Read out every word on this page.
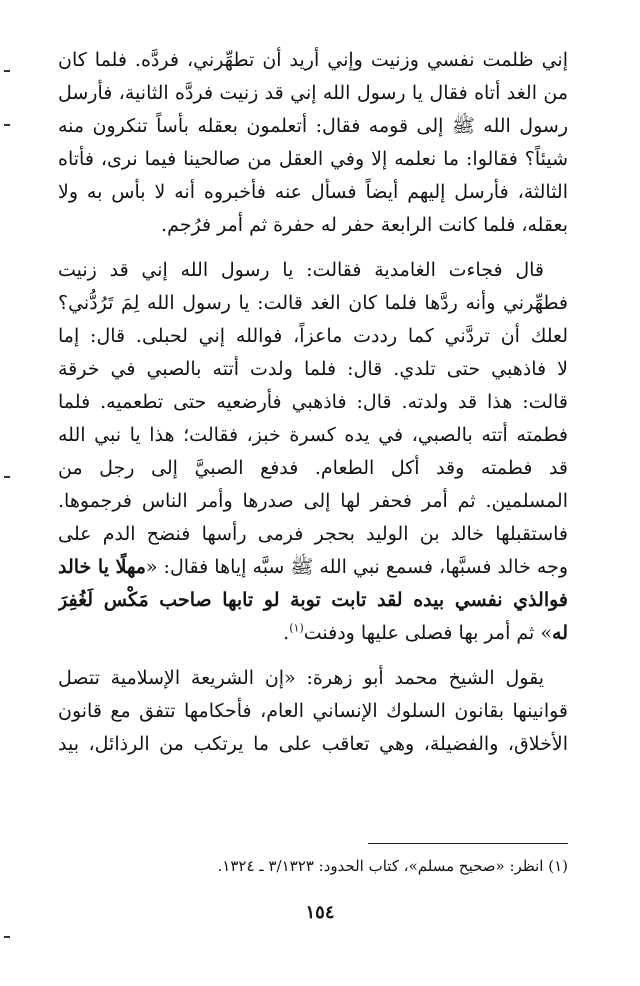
إني ظلمت نفسي وزنيت وإني أريد أن تطهِّرني، فردَّه. فلما كان
من الغد أتاه فقال يا رسول الله إني قد زنيت فردَّه الثانية، فأرسل
رسول الله ﷺ إلى قومه فقال: أتعلمون بعقله بأساً تنكرون منه
شيئاً؟ فقالوا: ما نعلمه إلا وفي العقل من صالحينا فيما نرى، فأتاه
الثالثة، فأرسل إليهم أيضاً فسأل عنه فأخبروه أنه لا بأس به ولا
بعقله، فلما كانت الرابعة حفر له حفرة ثم أمر فرُجم.
قال فجاءت الغامدية فقالت: يا رسول الله إني قد زنيت
فطهِّرني وأنه ردَّها فلما كان الغد قالت: يا رسول الله لِمَ تَرُدُّني؟
لعلك أن تردَّني كما رددت ماعزاً، فوالله إني لحبلى. قال: إما
لا فاذهبي حتى تلدي. قال: فلما ولدت أتته بالصبي في خرقة
قالت: هذا قد ولدته. قال: فاذهبي فأرضعيه حتى تطعميه. فلما
فطمته أتته بالصبي، في يده كسرة خبز، فقالت؛ هذا يا نبي الله
قد فطمته وقد أكل الطعام. فدفع الصبيَّ إلى رجل من
المسلمين. ثم أمر فحفر لها إلى صدرها وأمر الناس فرجموها.
فاستقبلها خالد بن الوليد بحجر فرمى رأسها فنضح الدم على
وجه خالد فسبَّها، فسمع نبي الله ﷺ سبَّه إياها فقال: «مهلًا يا خالد
فوالذي نفسي بيده لقد تابت توبة لو تابها صاحب مَكْس لَغُفِرَ
له» ثم أمر بها فصلى عليها ودفنت$^{(١)}$.
يقول الشيخ محمد أبو زهرة: «إن الشريعة الإسلامية تتصل
قوانينها بقانون السلوك الإنساني العام، فأحكامها تتفق مع قانون
الأخلاق، والفضيلة، وهي تعاقب على ما يرتكب من الرذائل، بيد
(١) انظر: «صحيح مسلم»، كتاب الحدود: ٣/١٣٢٣ ـ ١٣٢٤.
١٥٤
